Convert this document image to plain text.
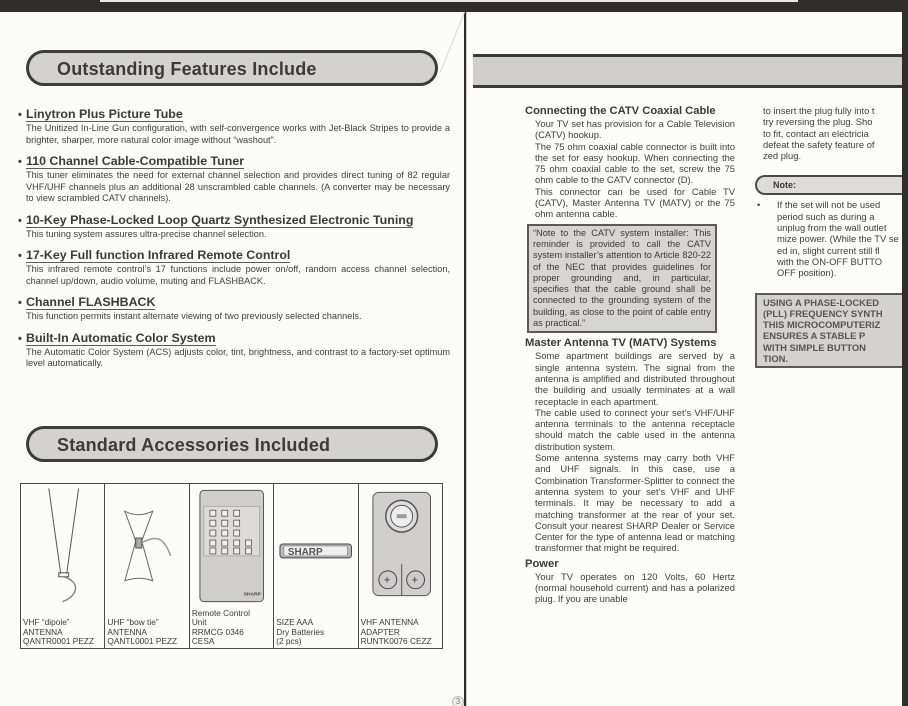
Outstanding Features Include
• Linytron Plus Picture Tube
The Unitized In-Line Gun configuration, with self-convergence works with Jet-Black Stripes to provide a brighter, sharper, more natural color image without “washout”.
• 110 Channel Cable-Compatible Tuner
This tuner eliminates the need for external channel selection and provides direct tuning of 82 regular VHF/UHF channels plus an additional 28 unscrambled cable channels. (A converter may be necessary to view scrambled CATV channels).
• 10-Key Phase-Locked Loop Quartz Synthesized Electronic Tuning
This tuning system assures ultra-precise channel selection.
• 17-Key Full function Infrared Remote Control
This infrared remote control’s 17 functions include power on/off, random access channel selection, channel up/down, audio volume, muting and FLASHBACK.
• Channel FLASHBACK
This function permits instant alternate viewing of two previously selected channels.
• Built-In Automatic Color System
The Automatic Color System (ACS) adjusts color, tint, brightness, and contrast to a factory-set optimum level automatically.
Standard Accessories Included
VHF “dipole”
ANTENNA
QANTR0001 PEZZ
UHF “bow tie”
ANTENNA
QANTL0001 PEZZ
SHARP
Remote Control
Unit
RRMCG 0346
CESA
SHARP
SIZE AAA
Dry Batteries
(2 pcs)
+ +
VHF ANTENNA
ADAPTER
RUNTK0076 CEZZ
3
Connecting the CATV Coaxial Cable
Your TV set has provision for a Cable Television (CATV) hookup.
The 75 ohm coaxial cable connector is built into the set for easy hookup. When connecting the 75 ohm coaxial cable to the set, screw the 75 ohm cable to the CATV connector (D).
This connector can be used for Cable TV (CATV), Master Antenna TV (MATV) or the 75 ohm antenna cable.
“Note to the CATV system installer: This reminder is provided to call the CATV system installer’s attention to Article 820-22 of the NEC that provides guidelines for proper grounding and, in particular, specifies that the cable ground shall be connected to the grounding system of the building, as close to the point of cable entry as practical.”
Master Antenna TV (MATV) Systems
Some apartment buildings are served by a single antenna system. The signal from the antenna is amplified and distributed throughout the building and usually terminates at a wall receptacle in each apartment.
The cable used to connect your set’s VHF/UHF antenna terminals to the antenna receptacle should match the cable used in the antenna distribution system.
Some antenna systems may carry both VHF and UHF signals. In this case, use a Combination Transformer-Splitter to connect the antenna system to your set’s VHF and UHF terminals. It may be necessary to add a matching transformer at the rear of your set. Consult your nearest SHARP Dealer or Service Center for the type of antenna lead or matching transformer that might be required.
Power
Your TV operates on 120 Volts, 60 Hertz (normal household current) and has a polarized plug. If you are unable
to insert the plug fully into t
try reversing the plug. Sho
to fit, contact an electricia
defeat the safety feature of
zed plug.
Note:
• If the set will not be used
period such as during a
unplug from the wall outlet
mize power. (While the TV se
ed in, slight current still fl
with the ON-OFF BUTTO
OFF position).
USING A PHASE-LOCKED
(PLL) FREQUENCY SYNTH
THIS MICROCOMPUTERIZ
ENSURES A STABLE P
WITH SIMPLE BUTTON
TION.
